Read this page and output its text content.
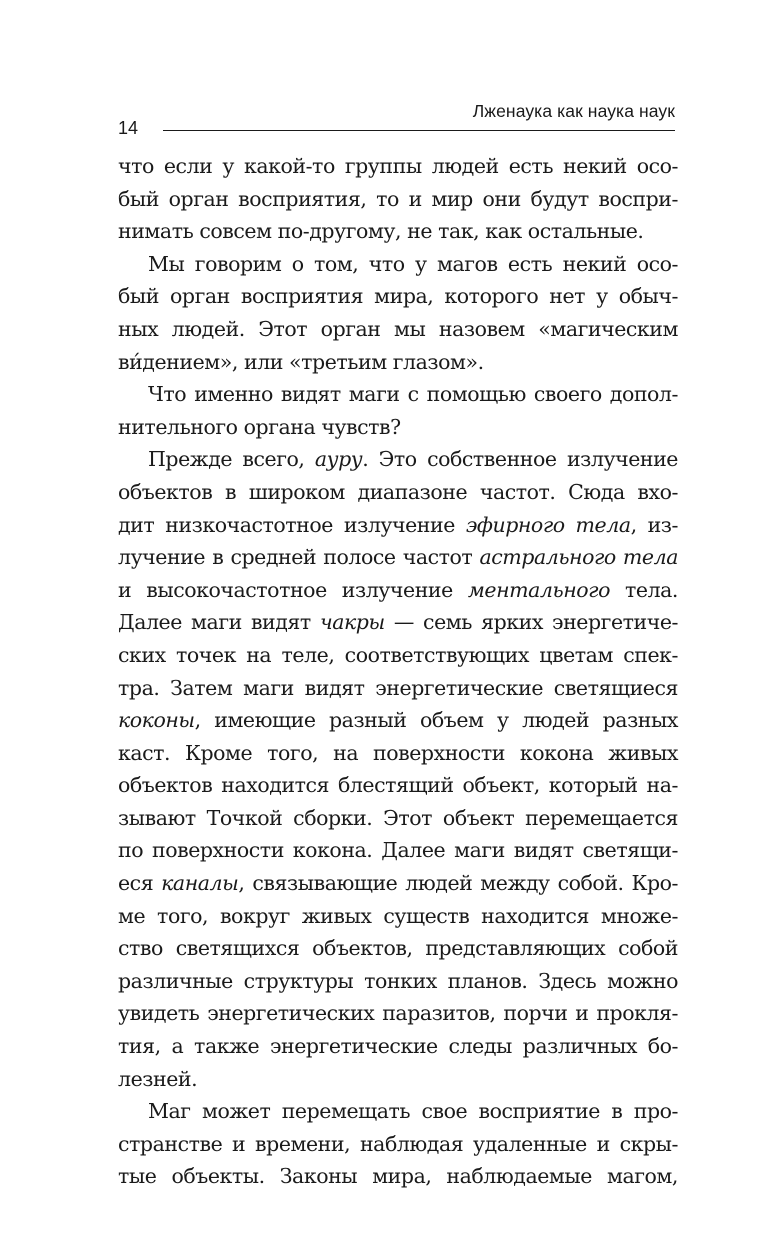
Лженаука как наука наук
14
что если у какой-то группы людей есть некий осо-
бый орган восприятия, то и мир они будут воспри-
нимать совсем по-другому, не так, как остальные.
Мы говорим о том, что у магов есть некий осо-
бый орган восприятия мира, которого нет у обыч-
ных людей. Этот орган мы назовем «магическим
ви́дением», или «третьим глазом».
Что именно видят маги с помощью своего допол-
нительного органа чувств?
Прежде всего, ауру. Это собственное излучение
объектов в широком диапазоне частот. Сюда вхо-
дит низкочастотное излучение эфирного тела, из-
лучение в средней полосе частот астрального тела
и высокочастотное излучение ментального тела.
Далее маги видят чакры — семь ярких энергетиче-
ских точек на теле, соответствующих цветам спек-
тра. Затем маги видят энергетические светящиеся
коконы, имеющие разный объем у людей разных
каст. Кроме того, на поверхности кокона живых
объектов находится блестящий объект, который на-
зывают Точкой сборки. Этот объект перемещается
по поверхности кокона. Далее маги видят светящи-
еся каналы, связывающие людей между собой. Кро-
ме того, вокруг живых существ находится множе-
ство светящихся объектов, представляющих собой
различные структуры тонких планов. Здесь можно
увидеть энергетических паразитов, порчи и прокля-
тия, а также энергетические следы различных бо-
лезней.
Маг может перемещать свое восприятие в про-
странстве и времени, наблюдая удаленные и скры-
тые объекты. Законы мира, наблюдаемые магом,
